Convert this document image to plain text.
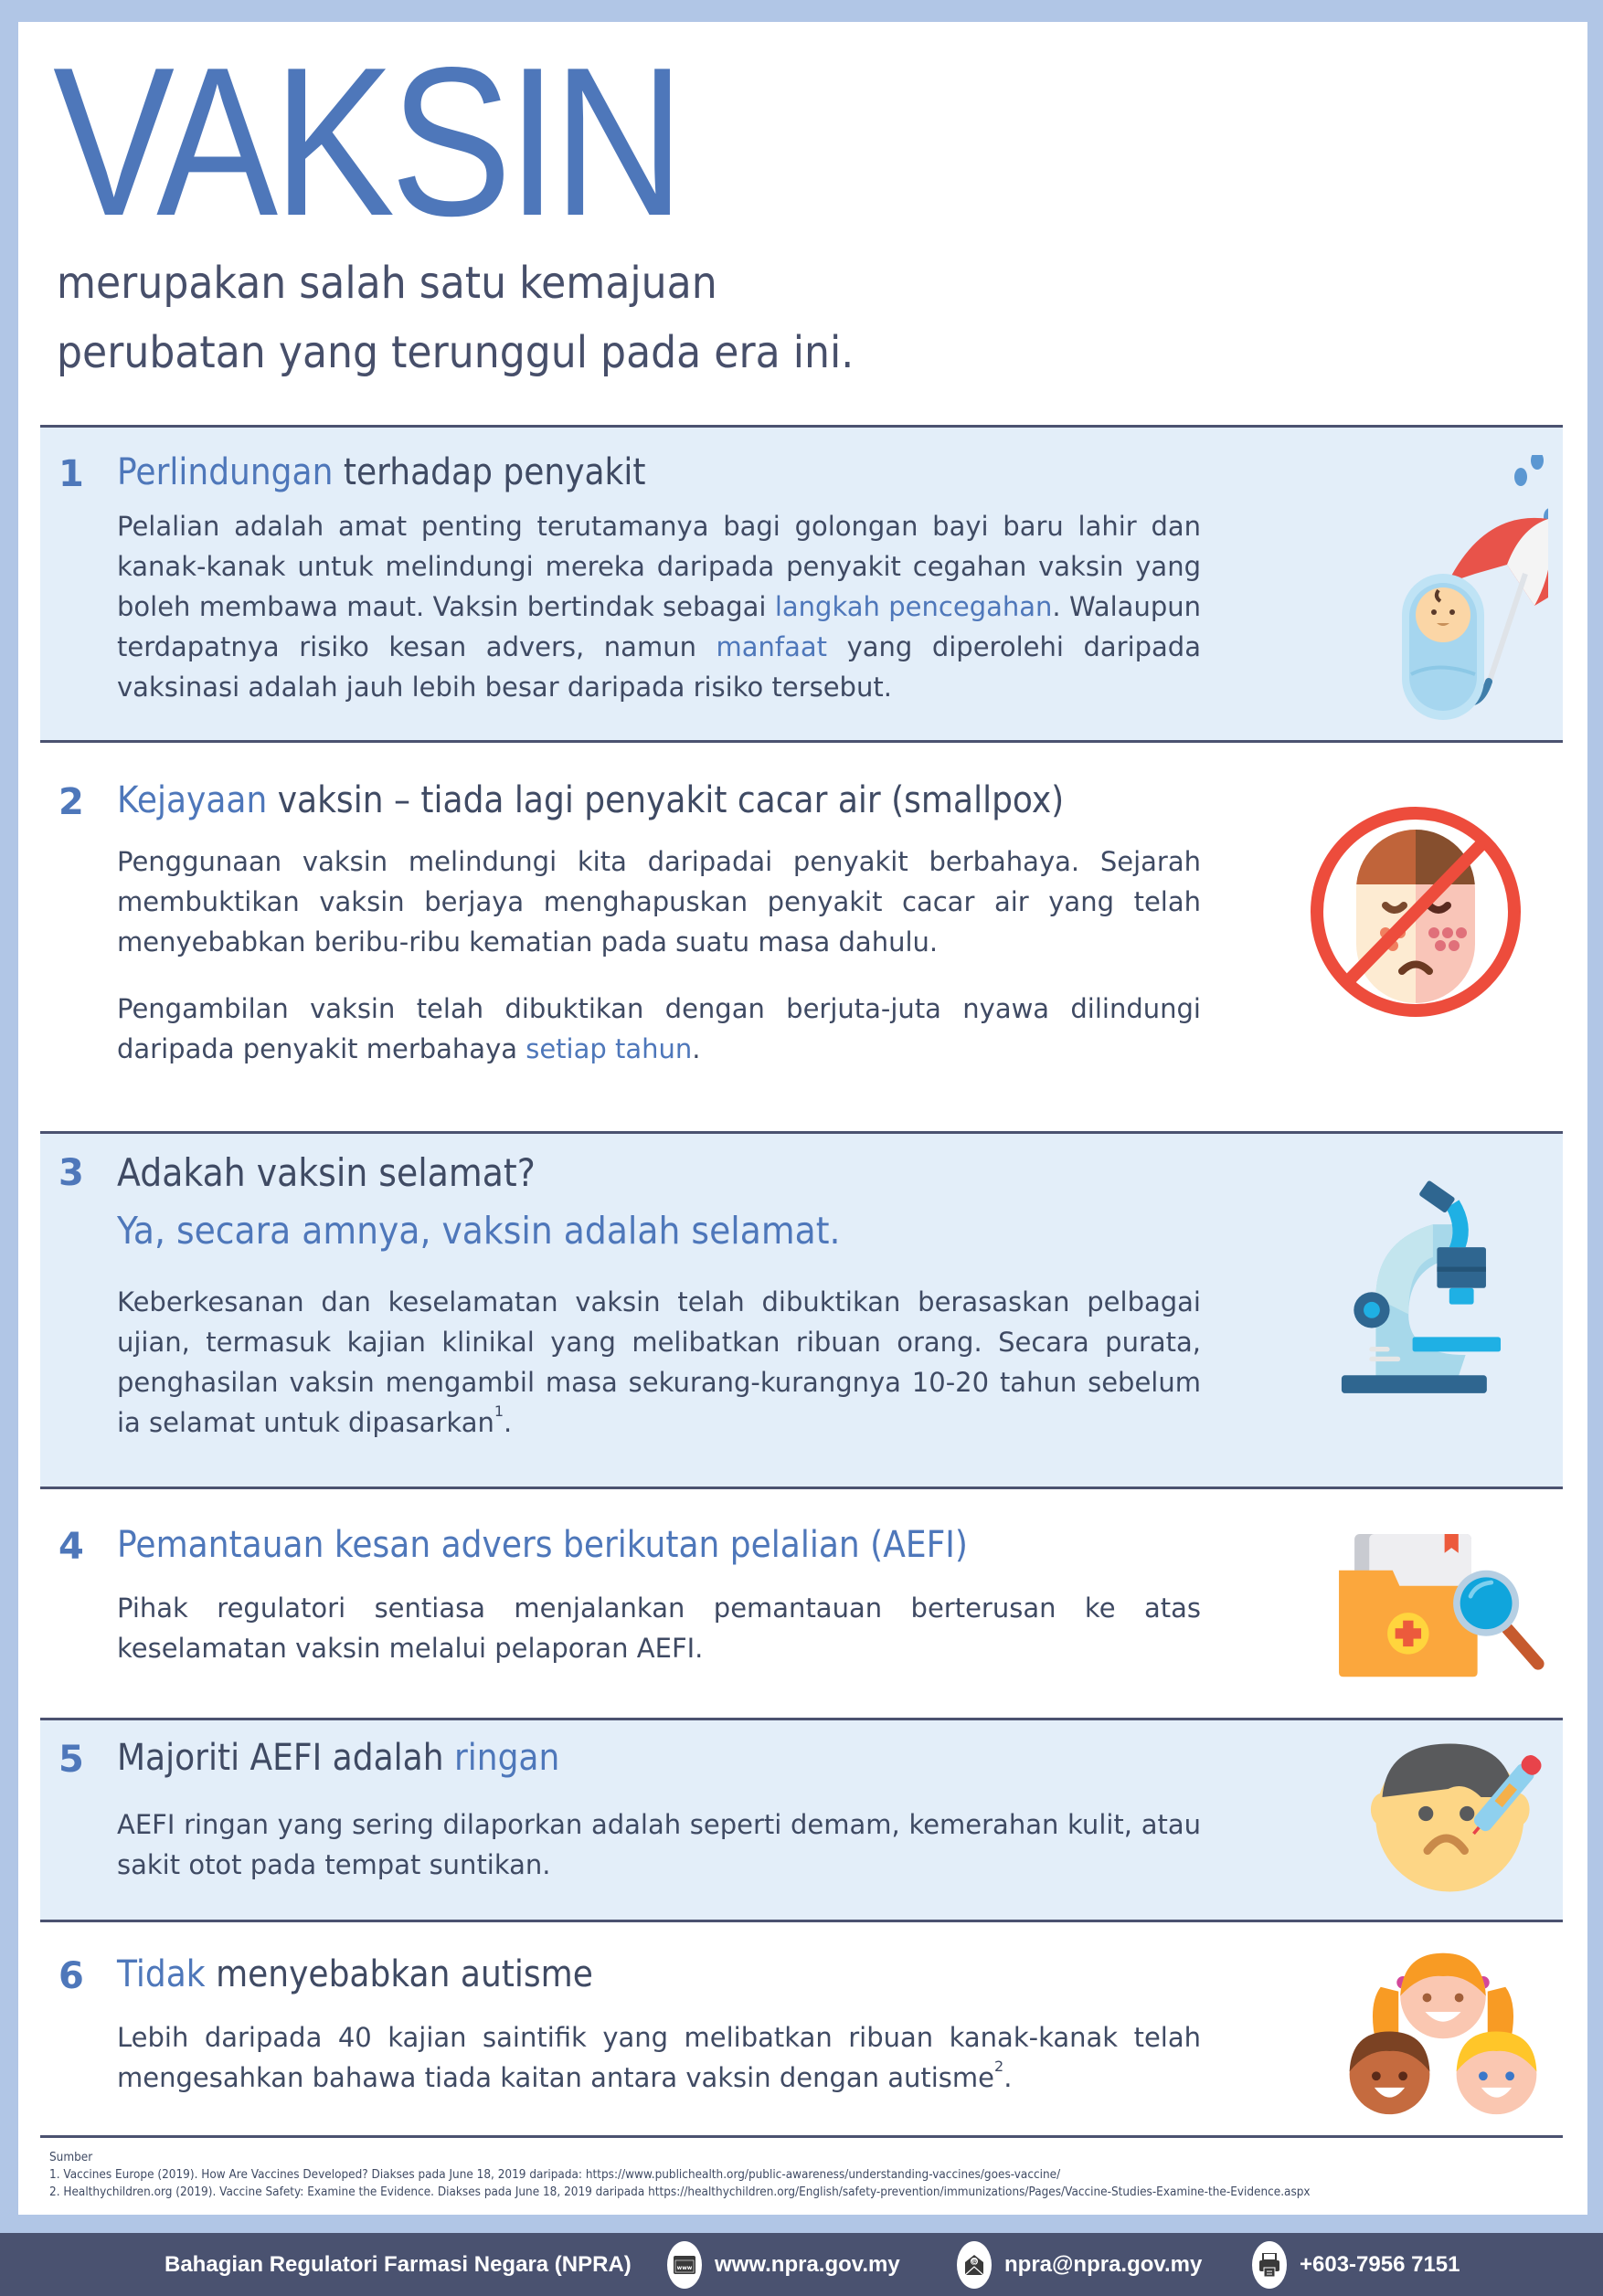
VAKSIN
merupakan salah satu kemajuan
perubatan yang terunggul pada era ini.
1 Perlindungan terhadap penyakit

Pelalian adalah amat penting terutamanya bagi golongan bayi baru lahir dan kanak-kanak untuk melindungi mereka daripada penyakit cegahan vaksin yang boleh membawa maut. Vaksin bertindak sebagai langkah pencegahan. Walaupun terdapatnya risiko kesan advers, namun manfaat yang diperolehi daripada vaksinasi adalah jauh lebih besar daripada risiko tersebut.

2 Kejayaan vaksin – tiada lagi penyakit cacar air (smallpox)

Penggunaan vaksin melindungi kita daripadai penyakit berbahaya. Sejarah membuktikan vaksin berjaya menghapuskan penyakit cacar air yang telah menyebabkan beribu-ribu kematian pada suatu masa dahulu.

Pengambilan vaksin telah dibuktikan dengan berjuta-juta nyawa dilindungi daripada penyakit merbahaya setiap tahun.

3 Adakah vaksin selamat?
Ya, secara amnya, vaksin adalah selamat.

Keberkesanan dan keselamatan vaksin telah dibuktikan berasaskan pelbagai ujian, termasuk kajian klinikal yang melibatkan ribuan orang. Secara purata, penghasilan vaksin mengambil masa sekurang-kurangnya 10-20 tahun sebelum ia selamat untuk dipasarkan$^1$.

4 Pemantauan kesan advers berikutan pelalian (AEFI)

Pihak regulatori sentiasa menjalankan pemantauan berterusan ke atas keselamatan vaksin melalui pelaporan AEFI.

5 Majoriti AEFI adalah ringan

AEFI ringan yang sering dilaporkan adalah seperti demam, kemerahan kulit, atau sakit otot pada tempat suntikan.

6 Tidak menyebabkan autisme

Lebih daripada 40 kajian saintifik yang melibatkan ribuan kanak-kanak telah mengesahkan bahawa tiada kaitan antara vaksin dengan autisme$^2$.

Sumber
1. Vaccines Europe (2019). How Are Vaccines Developed? Diakses pada June 18, 2019 daripada: https://www.publichealth.org/public-awareness/understanding-vaccines/goes-vaccine/
2. Healthychildren.org (2019). Vaccine Safety: Examine the Evidence. Diakses pada June 18, 2019 daripada https://healthychildren.org/English/safety-prevention/immunizations/Pages/Vaccine-Studies-Examine-the-Evidence.aspx
Bahagian Regulatori Farmasi Negara (NPRA)	www www.npra.gov.my	@ npra@npra.gov.my	+603-7956 7151
